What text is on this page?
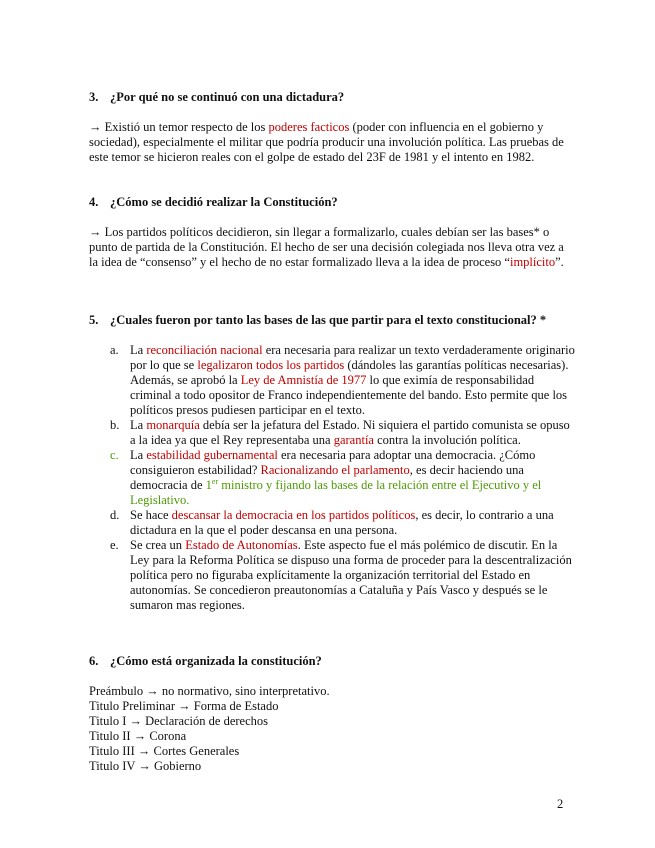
3. ¿Por qué no se continuó con una dictadura?

→ Existió un temor respecto de los poderes facticos (poder con influencia en el gobierno y sociedad), especialmente el militar que podría producir una involución política. Las pruebas de este temor se hicieron reales con el golpe de estado del 23F de 1981 y el intento en 1982.

4. ¿Cómo se decidió realizar la Constitución?

→ Los partidos políticos decidieron, sin llegar a formalizarlo, cuales debían ser las bases* o punto de partida de la Constitución. El hecho de ser una decisión colegiada nos lleva otra vez a la idea de “consenso” y el hecho de no estar formalizado lleva a la idea de proceso “implícito”.

5. ¿Cuales fueron por tanto las bases de las que partir para el texto constitucional? *

a. La reconciliación nacional era necesaria para realizar un texto verdaderamente originario por lo que se legalizaron todos los partidos (dándoles las garantías políticas necesarias). Además, se aprobó la Ley de Amnistía de 1977 lo que eximía de responsabilidad criminal a todo opositor de Franco independientemente del bando. Esto permite que los políticos presos pudiesen participar en el texto.
b. La monarquía debía ser la jefatura del Estado. Ni siquiera el partido comunista se opuso a la idea ya que el Rey representaba una garantía contra la involución política.
c. La estabilidad gubernamental era necesaria para adoptar una democracia. ¿Cómo consiguieron estabilidad? Racionalizando el parlamento, es decir haciendo una democracia de 1er ministro y fijando las bases de la relación entre el Ejecutivo y el Legislativo.
d. Se hace descansar la democracia en los partidos políticos, es decir, lo contrario a una dictadura en la que el poder descansa en una persona.
e. Se crea un Estado de Autonomías. Este aspecto fue el más polémico de discutir. En la Ley para la Reforma Política se dispuso una forma de proceder para la descentralización política pero no figuraba explícitamente la organización territorial del Estado en autonomías. Se concedieron preautonomías a Cataluña y País Vasco y después se le sumaron mas regiones.

6. ¿Cómo está organizada la constitución?

Preámbulo → no normativo, sino interpretativo.

Titulo Preliminar → Forma de Estado

Titulo I → Declaración de derechos

Titulo II → Corona

Titulo III → Cortes Generales

Titulo IV → Gobierno

2
